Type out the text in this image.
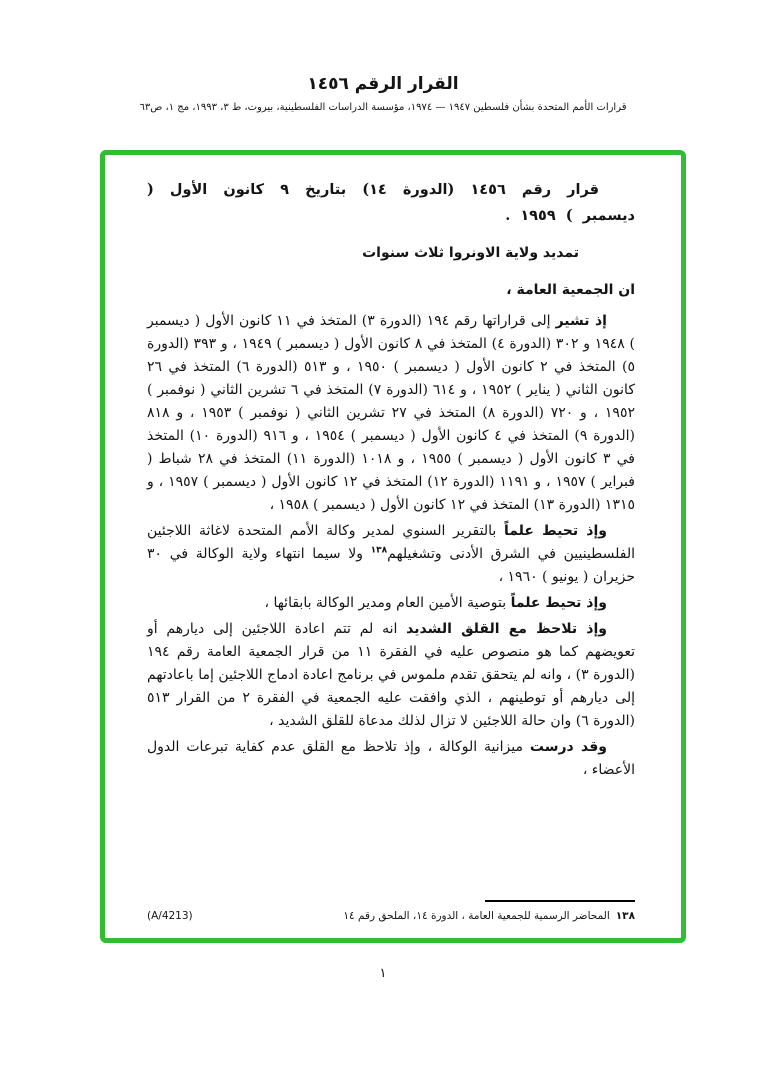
القرار الرقم ١٤٥٦
قرارات الأمم المتحدة بشأن فلسطين ١٩٤٧ — ١٩٧٤، مؤسسة الدراسات الفلسطينية، بيروت، ط ٣، ١٩٩٣، مج ١، ص٦٣

قرار رقم ١٤٥٦ (الدورة ١٤) بتاريخ ٩ كانون الأول ( ديسمبر ) ١٩٥٩ .

تمديد ولاية الاونروا ثلاث سنوات

ان الجمعية العامة ،

إذ تشير إلى قراراتها رقم ١٩٤ (الدورة ٣) المتخذ في ١١ كانون الأول ( ديسمبر ) ١٩٤٨ و ٣٠٢ (الدورة ٤) المتخذ في ٨ كانون الأول ( ديسمبر ) ١٩٤٩ ، و ٣٩٣ (الدورة ٥) المتخذ في ٢ كانون الأول ( ديسمبر ) ١٩٥٠ ، و ٥١٣ (الدورة ٦) المتخذ في ٢٦ كانون الثاني ( يناير ) ١٩٥٢ ، و ٦١٤ (الدورة ٧) المتخذ في ٦ تشرين الثاني ( نوفمبر ) ١٩٥٢ ، و ٧٢٠ (الدورة ٨) المتخذ في ٢٧ تشرين الثاني ( نوفمبر ) ١٩٥٣ ، و ٨١٨ (الدورة ٩) المتخذ في ٤ كانون الأول ( ديسمبر ) ١٩٥٤ ، و ٩١٦ (الدورة ١٠) المتخذ في ٣ كانون الأول ( ديسمبر ) ١٩٥٥ ، و ١٠١٨ (الدورة ١١) المتخذ في ٢٨ شباط ( فبراير ) ١٩٥٧ ، و ١١٩١ (الدورة ١٢) المتخذ في ١٢ كانون الأول ( ديسمبر ) ١٩٥٧ ، و ١٣١٥ (الدورة ١٣) المتخذ في ١٢ كانون الأول ( ديسمبر ) ١٩٥٨ ،

وإذ تحيط علماً بالتقرير السنوي لمدير وكالة الأمم المتحدة لاغاثة اللاجئين الفلسطينيين في الشرق الأدنى وتشغيلهم$^{١٣٨}$ ولا سيما انتهاء ولاية الوكالة في ٣٠ حزيران ( يونيو ) ١٩٦٠ ،

وإذ تحيط علماً بتوصية الأمين العام ومدير الوكالة بابقائها ،

وإذ تلاحظ مع القلق الشديد انه لم تتم اعادة اللاجئين إلى ديارهم أو تعويضهم كما هو منصوص عليه في الفقرة ١١ من قرار الجمعية العامة رقم ١٩٤ (الدورة ٣) ، وانه لم يتحقق تقدم ملموس في برنامج اعادة ادماج اللاجئين إما باعادتهم إلى ديارهم أو توطينهم ، الذي وافقت عليه الجمعية في الفقرة ٢ من القرار ٥١٣ (الدورة ٦) وان حالة اللاجئين لا تزال لذلك مدعاة للقلق الشديد ،

وقد درست ميزانية الوكالة ، وإذ تلاحظ مع القلق عدم كفاية تبرعات الدول الأعضاء ،

١٣٨المحاضر الرسمية للجمعية العامة ، الدورة ١٤، الملحق رقم ١٤
(A/4213)
١
